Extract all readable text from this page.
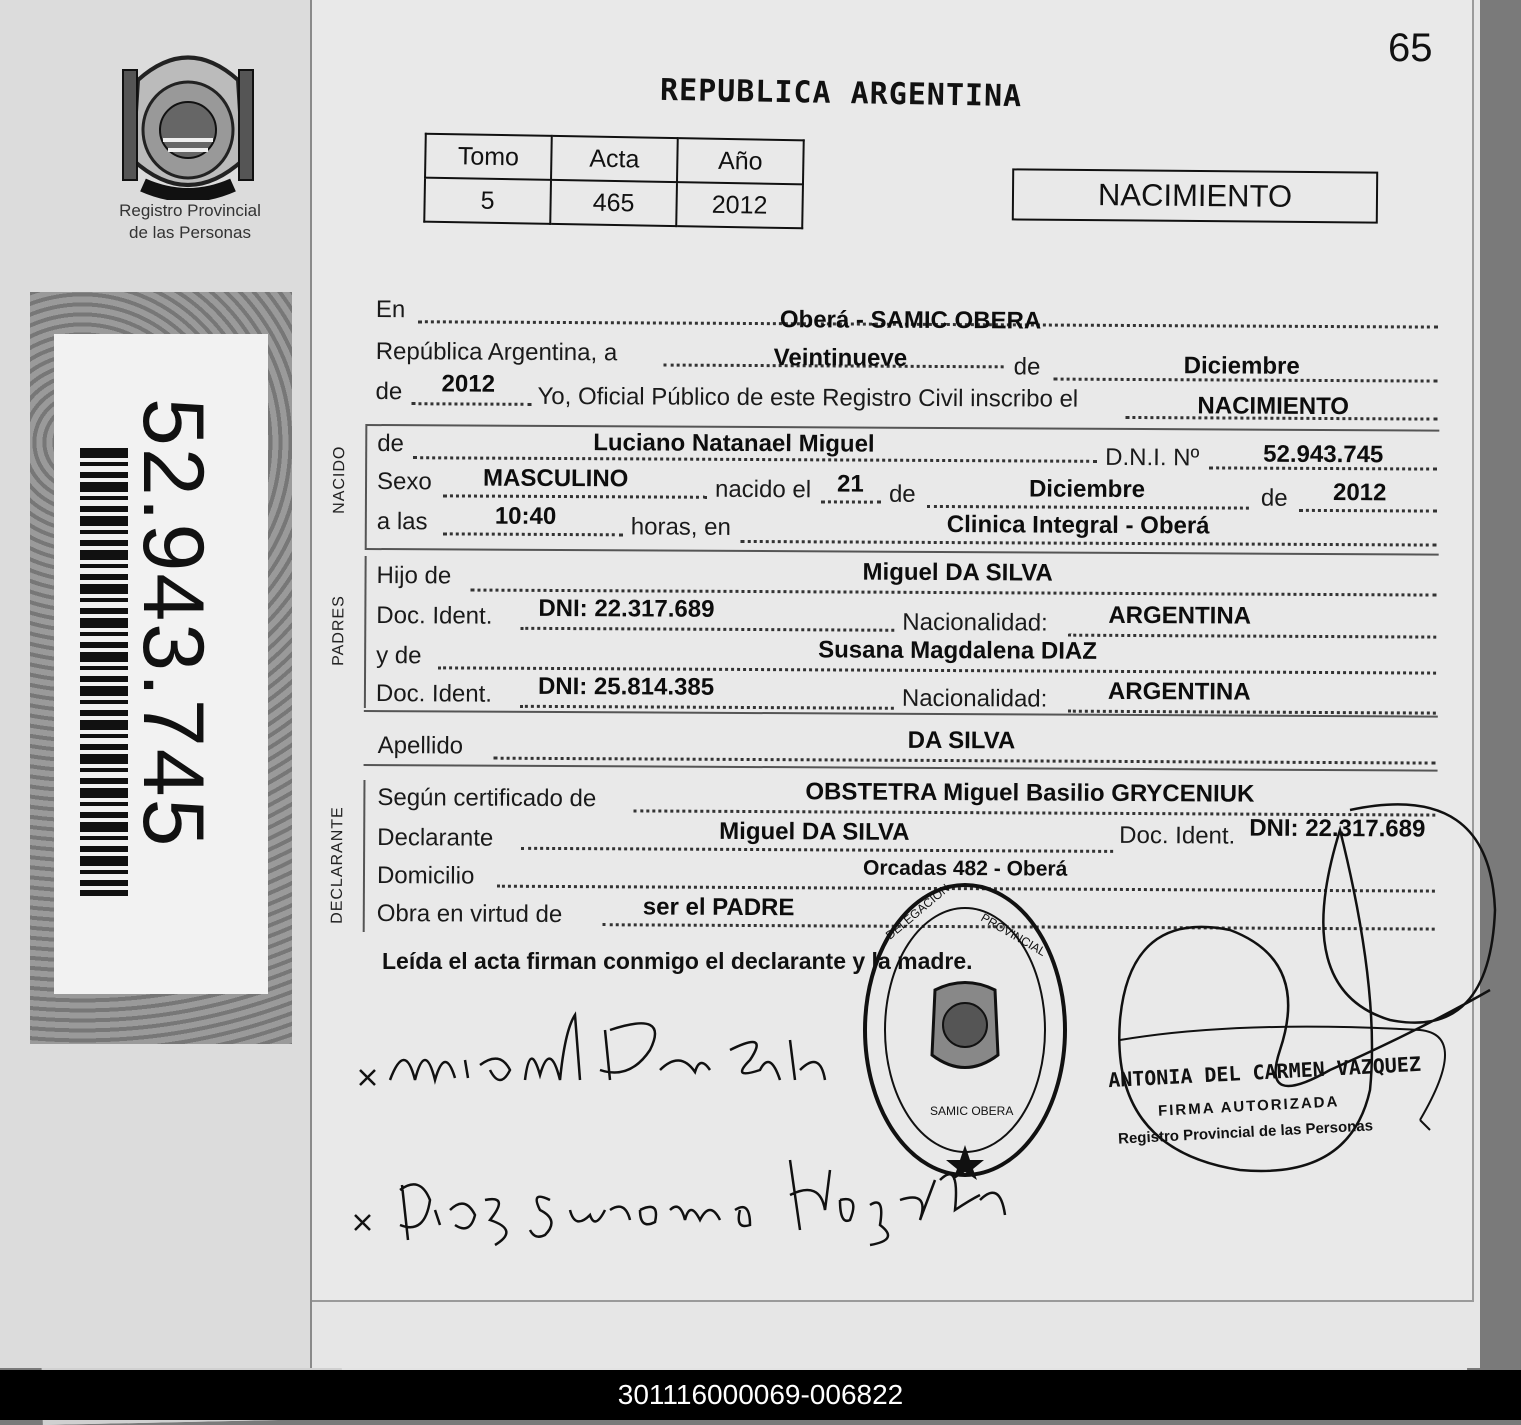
Registro Provincial
de las Personas
52.943.745
65
REPUBLICA ARGENTINA
Tomo	Acta	Año
5	465	2012	NACIMIENTO
NACIDO
PADRES
DECLARANTE
En	Oberá - SAMIC OBERA
República Argentina, a	Veintinueve	de	Diciembre
de 2012 Yo, Oficial Público de este Registro Civil inscribo el	NACIMIENTO
de	Luciano Natanael Miguel	D.N.I. Nº	52.943.745
Sexo MASCULINO	nacido el 21 de	Diciembre	de 2012
a las	10:40	horas, en	Clinica Integral - Oberá
Hijo de	Miguel DA SILVA
Doc. Ident. DNI: 22.317.689	Nacionalidad:	ARGENTINA
y de	Susana Magdalena DIAZ
Doc. Ident. DNI: 25.814.385	Nacionalidad:	ARGENTINA
Apellido	DA SILVA
Según certificado de	OBSTETRA Miguel Basilio GRYCENIUK
Declarante	Miguel DA SILVA	Doc. Ident. DNI: 22.317.689
Domicilio	Orcadas 482 - Oberá
Obra en virtud de	ser el PADRE
Leída el acta firman conmigo el declarante y la madre.
DELEGACION PROVINCIAL
SAMIC OBERA
ANTONIA DEL CARMEN VAZQUEZ
FIRMA AUTORIZADA
Registro Provincial de las Personas
301116000069-006822
